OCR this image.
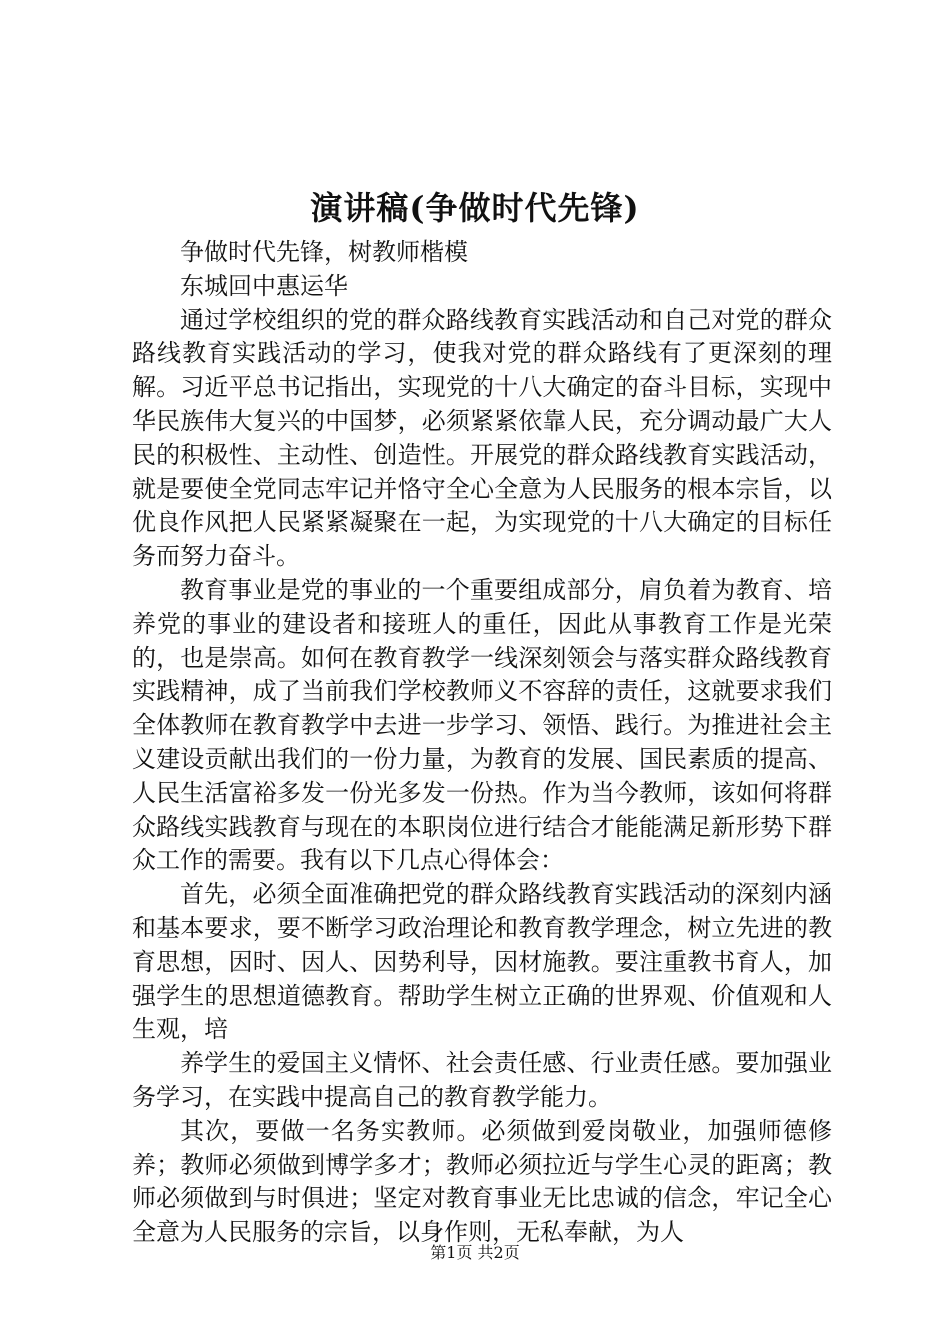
演讲稿(争做时代先锋)

争做时代先锋，树教师楷模

东城回中惠运华

通过学校组织的党的群众路线教育实践活动和自己对党的群众路线教育实践活动的学习，使我对党的群众路线有了更深刻的理解。习近平总书记指出，实现党的十八大确定的奋斗目标，实现中华民族伟大复兴的中国梦，必须紧紧依靠人民，充分调动最广大人民的积极性、主动性、创造性。开展党的群众路线教育实践活动，就是要使全党同志牢记并恪守全心全意为人民服务的根本宗旨，以优良作风把人民紧紧凝聚在一起，为实现党的十八大确定的目标任务而努力奋斗。

教育事业是党的事业的一个重要组成部分，肩负着为教育、培养党的事业的建设者和接班人的重任，因此从事教育工作是光荣的，也是崇高。如何在教育教学一线深刻领会与落实群众路线教育实践精神，成了当前我们学校教师义不容辞的责任，这就要求我们全体教师在教育教学中去进一步学习、领悟、践行。为推进社会主义建设贡献出我们的一份力量，为教育的发展、国民素质的提高、人民生活富裕多发一份光多发一份热。作为当今教师，该如何将群众路线实践教育与现在的本职岗位进行结合才能能满足新形势下群众工作的需要。我有以下几点心得体会：

首先，必须全面准确把党的群众路线教育实践活动的深刻内涵和基本要求，要不断学习政治理论和教育教学理念，树立先进的教育思想，因时、因人、因势利导，因材施教。要注重教书育人，加强学生的思想道德教育。帮助学生树立正确的世界观、价值观和人生观，培

养学生的爱国主义情怀、社会责任感、行业责任感。要加强业务学习，在实践中提高自己的教育教学能力。

其次，要做一名务实教师。必须做到爱岗敬业，加强师德修养；教师必须做到博学多才；教师必须拉近与学生心灵的距离；教师必须做到与时俱进；坚定对教育事业无比忠诚的信念，牢记全心全意为人民服务的宗旨，以身作则，无私奉献，为人

第1页 共2页
